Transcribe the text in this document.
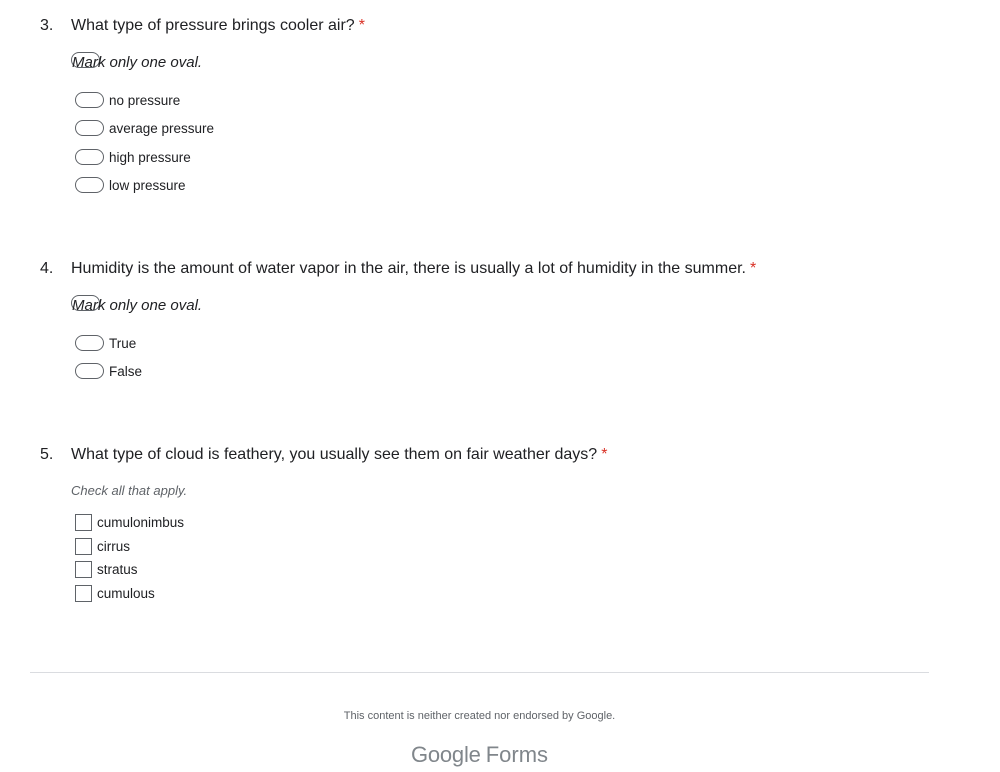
3. What type of pressure brings cooler air? *
Mark only one oval.
no pressure
average pressure
high pressure
low pressure
4. Humidity is the amount of water vapor in the air, there is usually a lot of humidity in the summer. *
Mark only one oval.
True
False
5. What type of cloud is feathery, you usually see them on fair weather days? *
Check all that apply.
cumulonimbus
cirrus
stratus
cumulous
This content is neither created nor endorsed by Google.
Google Forms
